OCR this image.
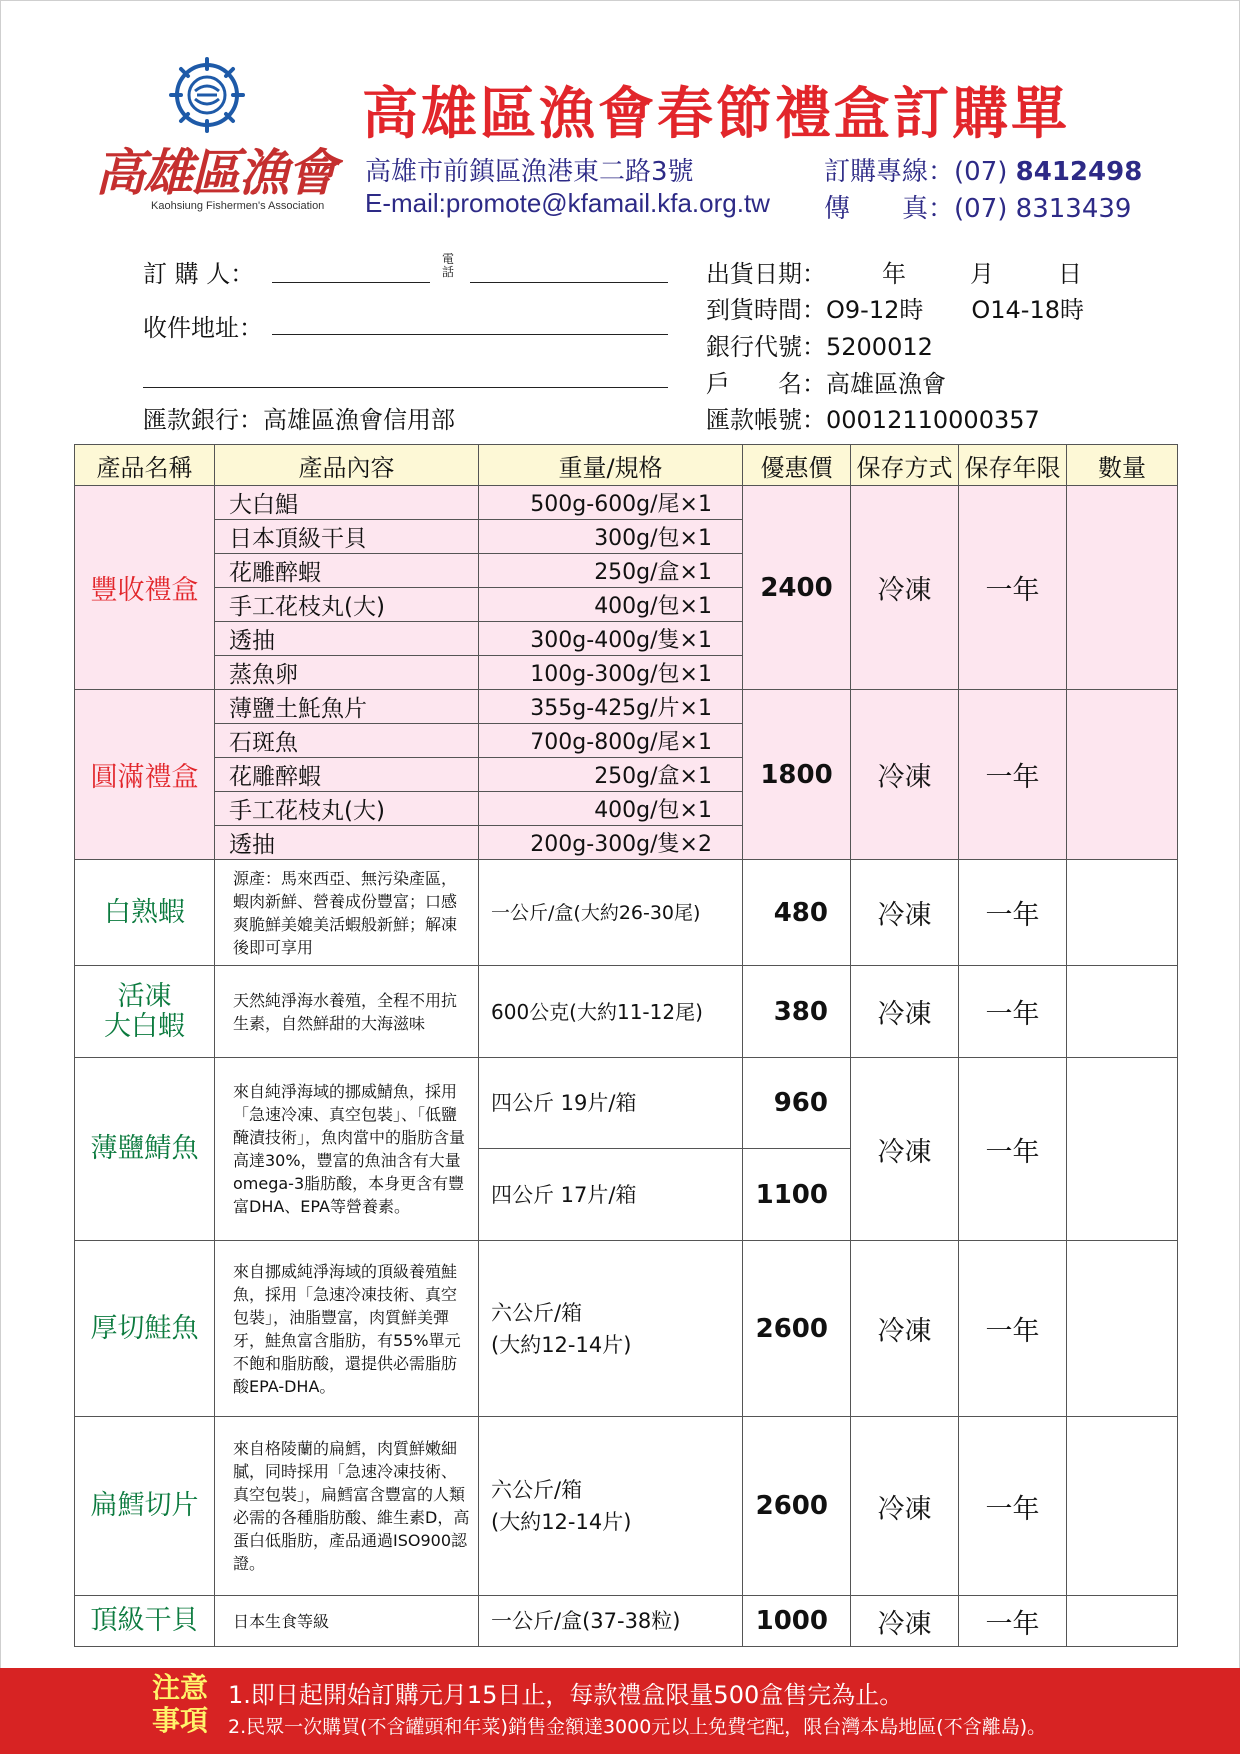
高雄區漁會
Kaohsiung Fishermen's Association
高雄區漁會春節禮盒訂購單
高雄市前鎮區漁港東二路3號
E-mail:promote@kfamail.kfa.org.tw
訂購專線：(07) 8412498
傳　　真：(07) 8313439
訂 購 人：
電
話
收件地址：
匯款銀行：高雄區漁會信用部
出貨日期： 年	月	日
到貨時間：O9-12時　　O14-18時
銀行代號：5200012
戶　　名：高雄區漁會
匯款帳號：00012110000357
產品名稱	產品內容	重量/規格	優惠價	保存方式	保存年限	數量
豐收禮盒	大白鯧	500g-600g/尾×1	2400	冷凍	一年	
	日本頂級干貝	300g/包×1				
	花雕醉蝦	250g/盒×1				
	手工花枝丸(大)	400g/包×1				
	透抽	300g-400g/隻×1				
	蒸魚卵	100g-300g/包×1				
圓滿禮盒	薄鹽土魠魚片	355g-425g/片×1	1800	冷凍	一年	
	石斑魚	700g-800g/尾×1				
	花雕醉蝦	250g/盒×1				
	手工花枝丸(大)	400g/包×1				
	透抽	200g-300g/隻×2				
白熟蝦	源產：馬來西亞、無污染產區，蝦肉新鮮、營養成份豐富；口感爽脆鮮美媲美活蝦般新鮮；解凍後即可享用	一公斤/盒(大約26-30尾)	480	冷凍	一年	

活凍
大白蝦	天然純淨海水養殖，全程不用抗生素，自然鮮甜的大海滋味	600公克(大約11-12尾)	380	冷凍	一年	
薄鹽鯖魚	來自純淨海域的挪威鯖魚，採用「急速冷凍、真空包裝」、「低鹽醃漬技術」，魚肉當中的脂肪含量高達30%，豐富的魚油含有大量omega-3脂肪酸，本身更含有豐富DHA、EPA等營養素。	四公斤 19片/箱	960	冷凍	一年	
		四公斤 17片/箱	1100			
厚切鮭魚	來自挪威純淨海域的頂級養殖鮭魚，採用「急速冷凍技術、真空包裝」，油脂豐富，肉質鮮美彈牙，鮭魚富含脂肪，有55%單元不飽和脂肪酸，還提供必需脂肪酸EPA-DHA。	六公斤/箱
(大約12-14片)	2600	冷凍	一年	
扁鱈切片	來自格陵蘭的扁鱈，肉質鮮嫩細膩，同時採用「急速冷凍技術、真空包裝」，扁鱈富含豐富的人類必需的各種脂肪酸、維生素D，高蛋白低脂肪，產品通過ISO900認證。	六公斤/箱
(大約12-14片)	2600	冷凍	一年	
頂級干貝	日本生食等級	一公斤/盒(37-38粒)	1000	冷凍	一年	
注意
事項
1.即日起開始訂購元月15日止，每款禮盒限量500盒售完為止。
2.民眾一次購買(不含罐頭和年菜)銷售金額達3000元以上免費宅配，限台灣本島地區(不含離島)。
